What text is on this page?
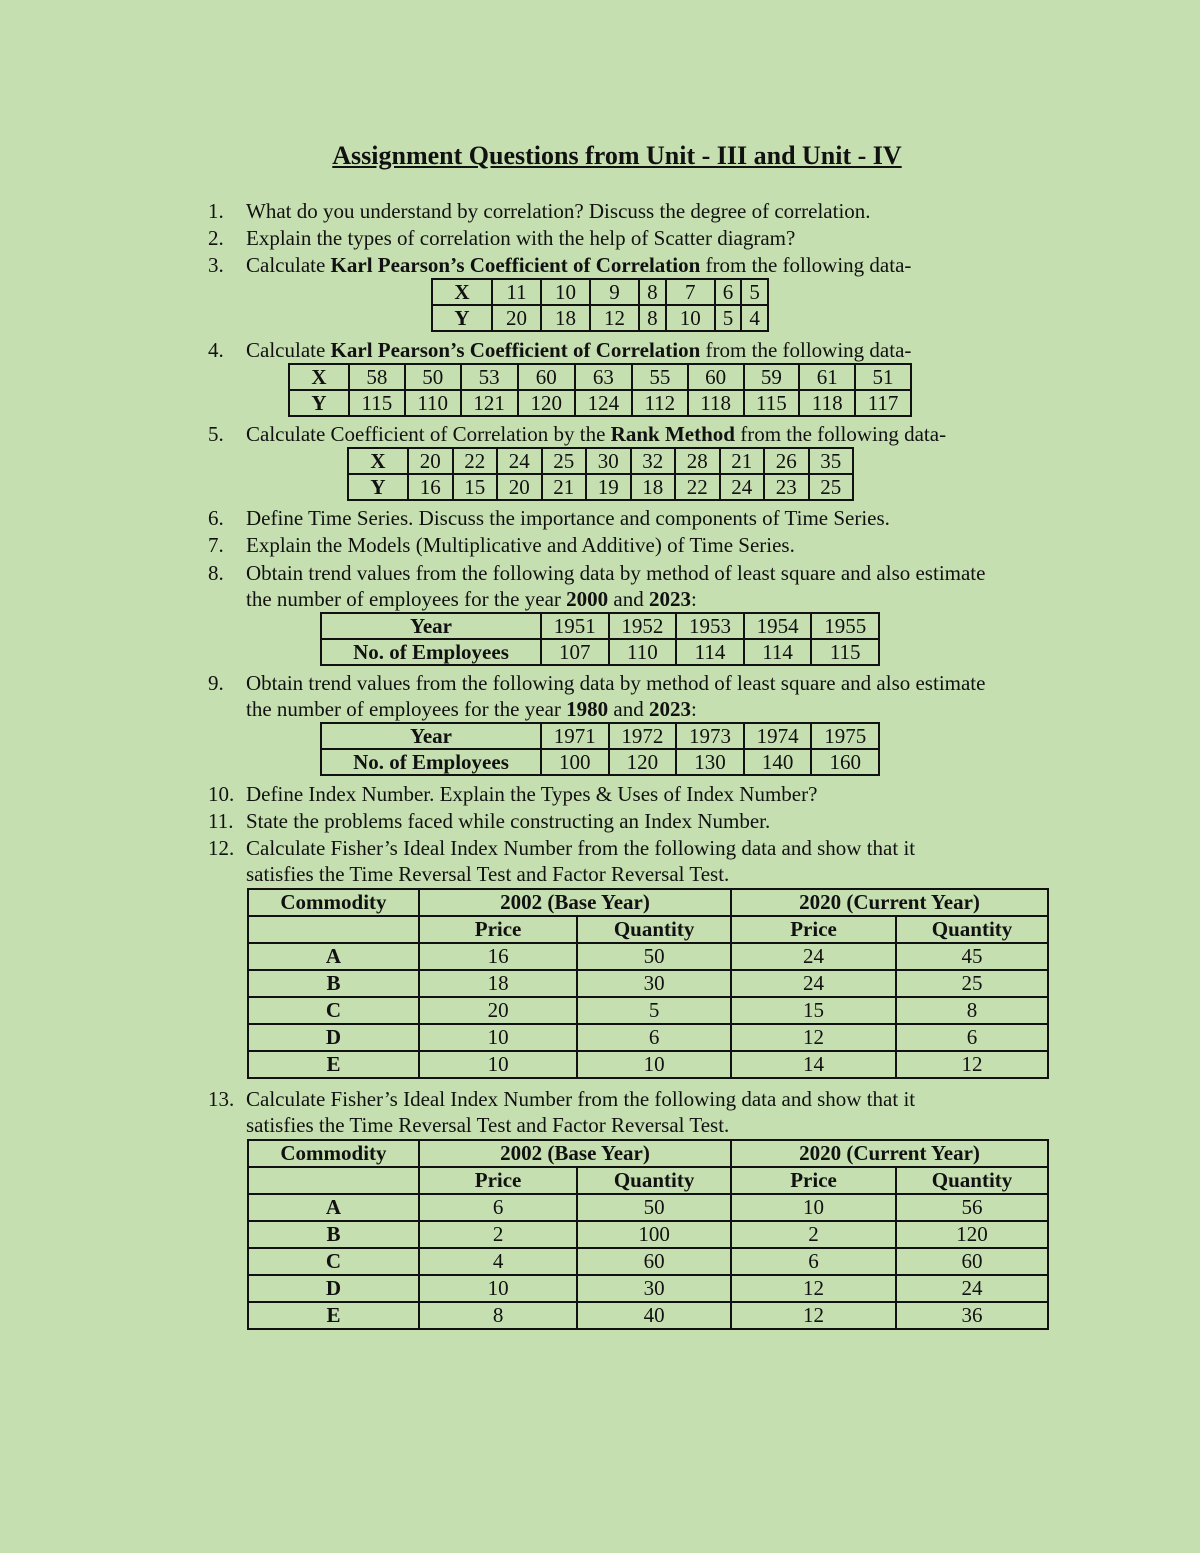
Assignment Questions from Unit - III and Unit - IV
1. What do you understand by correlation? Discuss the degree of correlation.
2. Explain the types of correlation with the help of Scatter diagram?
3. Calculate Karl Pearson’s Coefficient of Correlation from the following data-
X	11	10	9	8	7	6	5
Y	20	18	12	8	10	5	4
4. Calculate Karl Pearson’s Coefficient of Correlation from the following data-
X	58	50	53	60	63	55	60	59	61	51
Y	115	110	121	120	124	112	118	115	118	117
5. Calculate Coefficient of Correlation by the Rank Method from the following data-
X	20	22	24	25	30	32	28	21	26	35
Y	16	15	20	21	19	18	22	24	23	25
6. Define Time Series. Discuss the importance and components of Time Series.
7. Explain the Models (Multiplicative and Additive) of Time Series.
8. Obtain trend values from the following data by method of least square and also estimate
the number of employees for the year 2000 and 2023:
Year	1951	1952	1953	1954	1955
No. of Employees	107	110	114	114	115
9. Obtain trend values from the following data by method of least square and also estimate
the number of employees for the year 1980 and 2023:
Year	1971	1972	1973	1974	1975
No. of Employees	100	120	130	140	160
10. Define Index Number. Explain the Types & Uses of Index Number?
11. State the problems faced while constructing an Index Number.
12. Calculate Fisher’s Ideal Index Number from the following data and show that it
satisfies the Time Reversal Test and Factor Reversal Test.
Commodity	2002 (Base Year)		2020 (Current Year)	
	Price	Quantity	Price	Quantity
A	16	50	24	45
B	18	30	24	25
C	20	5	15	8
D	10	6	12	6
E	10	10	14	12
13. Calculate Fisher’s Ideal Index Number from the following data and show that it
satisfies the Time Reversal Test and Factor Reversal Test.
Commodity	2002 (Base Year)		2020 (Current Year)	
	Price	Quantity	Price	Quantity
A	6	50	10	56
B	2	100	2	120
C	4	60	6	60
D	10	30	12	24
E	8	40	12	36
